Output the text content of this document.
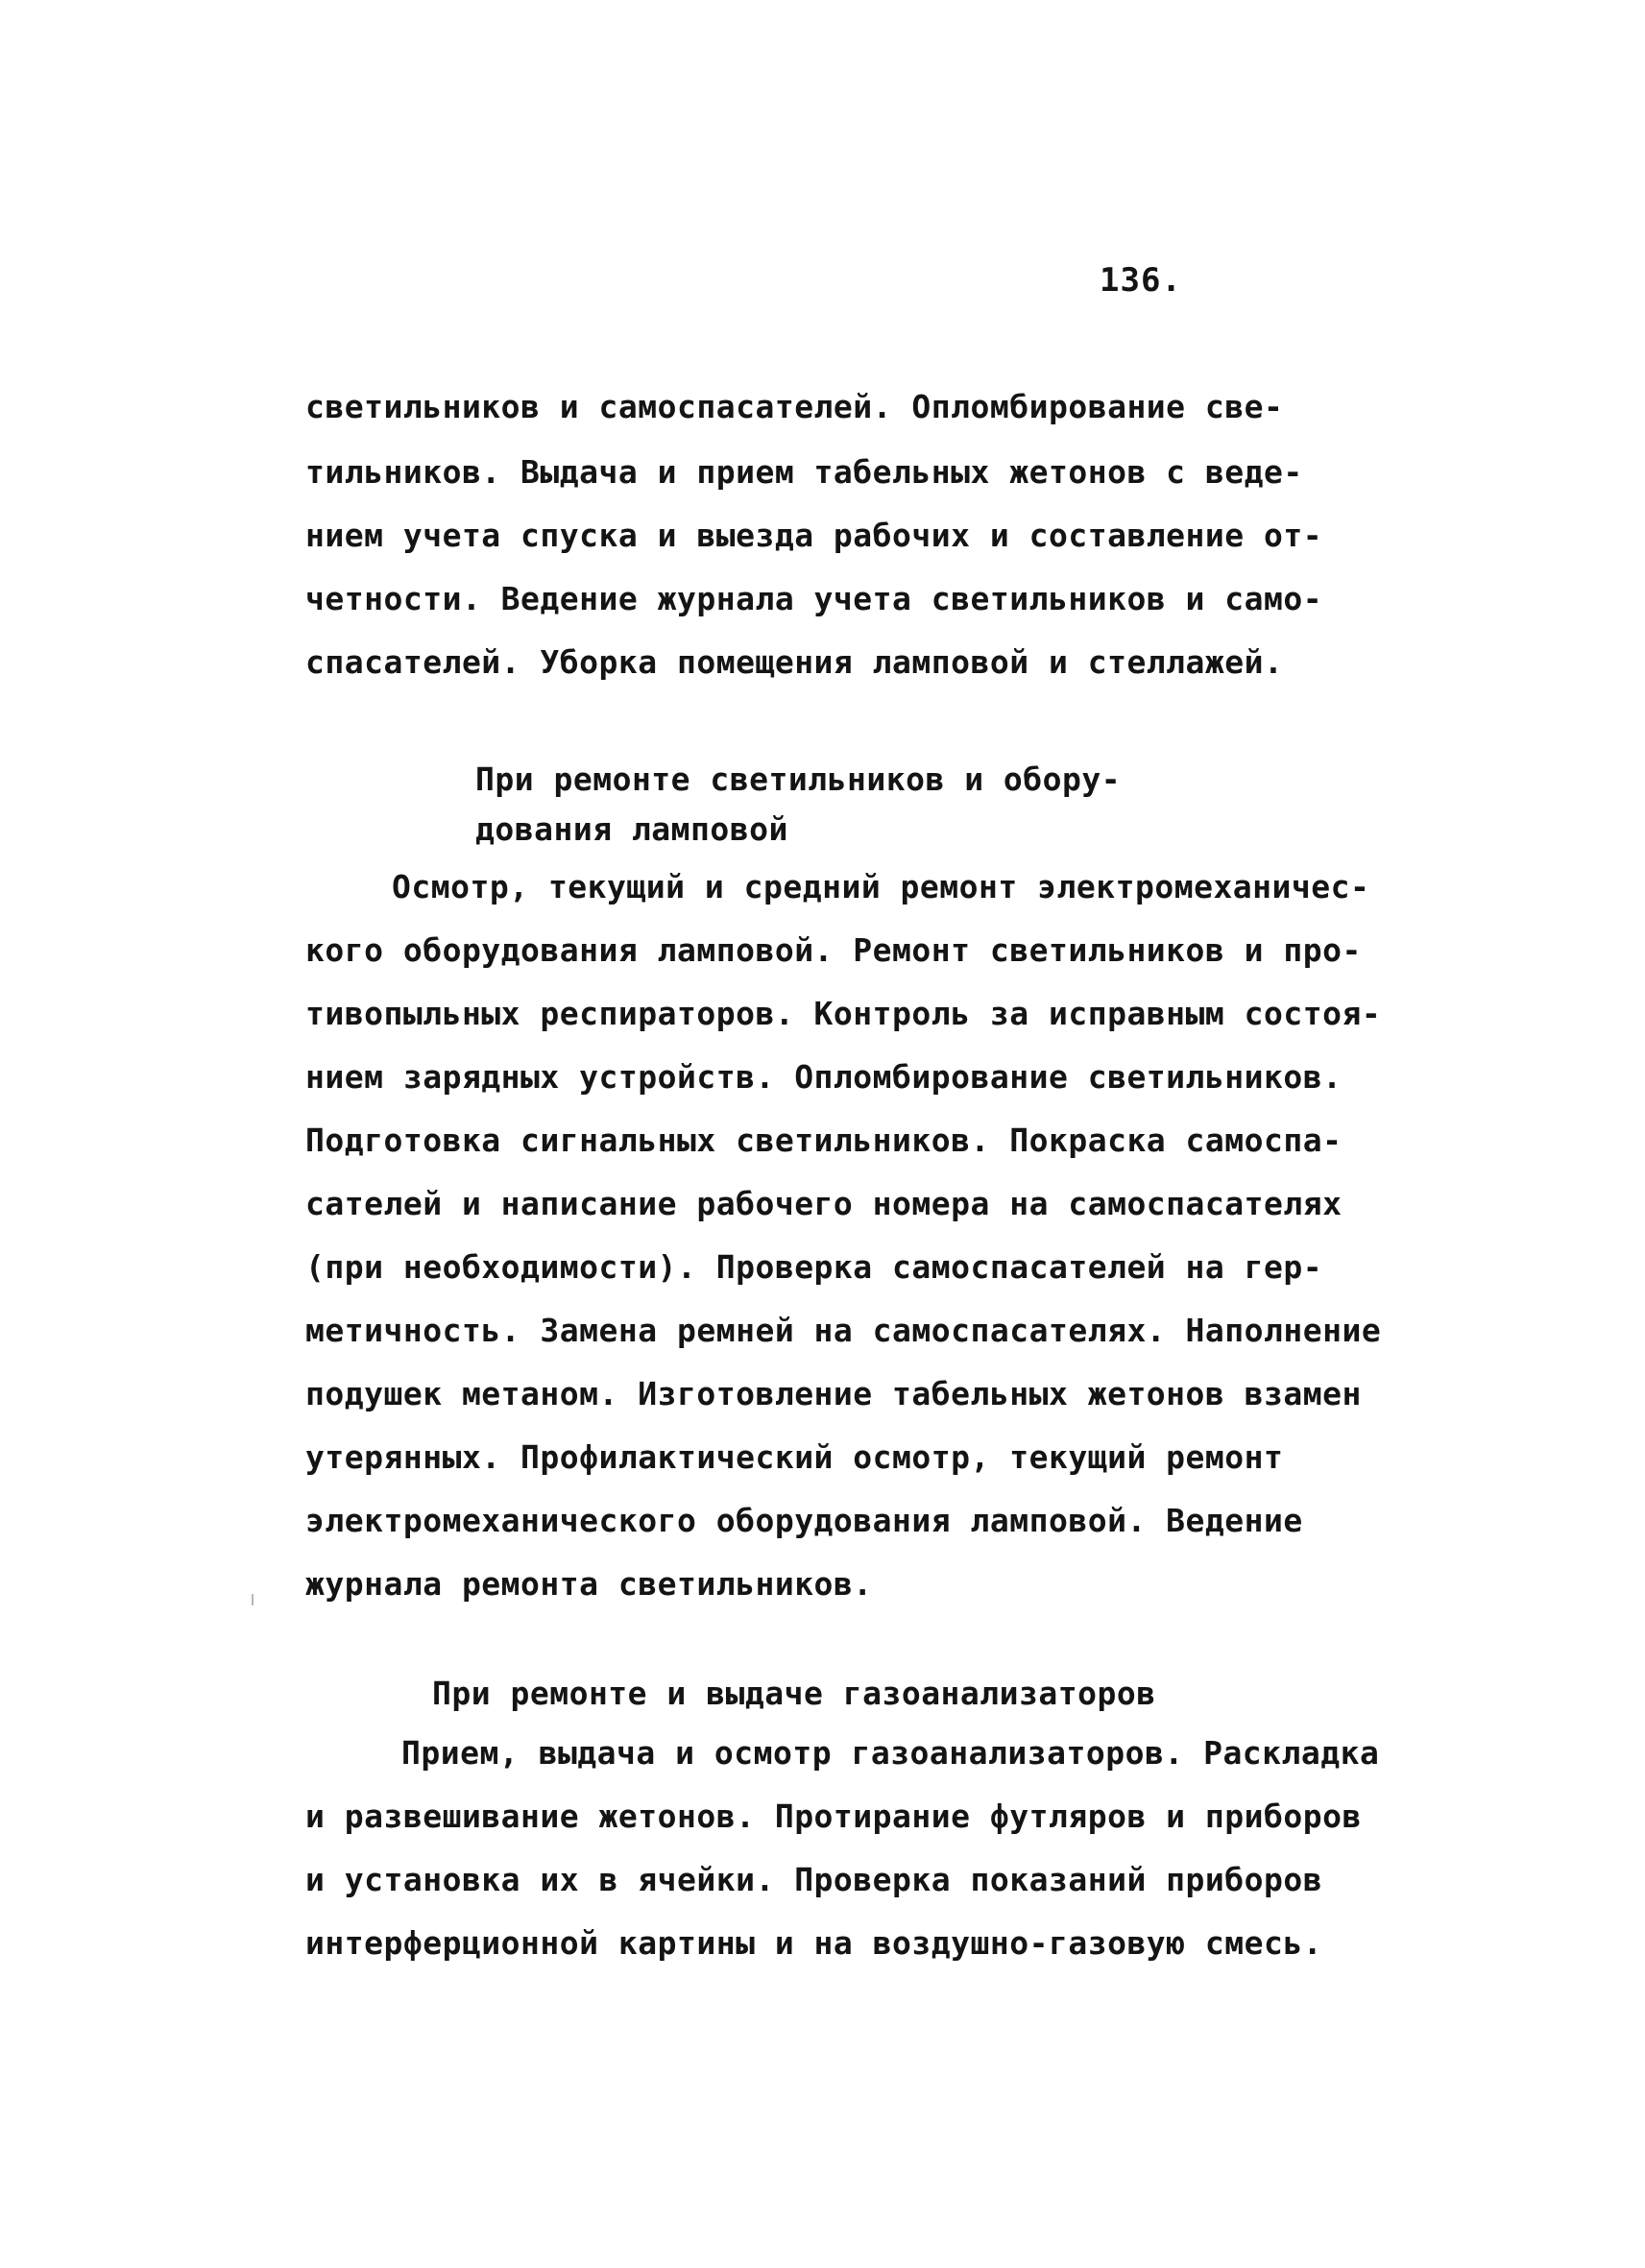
136.
светильников и самоспасателей. Опломбирование све-
тильников. Выдача и прием табельных жетонов с веде-
нием учета спуска и выезда рабочих и составление от-
четности. Ведение журнала учета светильников и само-
спасателей. Уборка помещения ламповой и стеллажей.
При ремонте светильников и обору-
дования ламповой
Осмотр, текущий и средний ремонт электромеханичес-
кого оборудования ламповой. Ремонт светильников и про-
тивопыльных респираторов. Контроль за исправным состоя-
нием зарядных устройств. Опломбирование светильников.
Подготовка сигнальных светильников. Покраска самоспа-
сателей и написание рабочего номера на самоспасателях
(при необходимости). Проверка самоспасателей на гер-
метичность. Замена ремней на самоспасателях. Наполнение
подушек метаном. Изготовление табельных жетонов взамен
утерянных. Профилактический осмотр, текущий ремонт
электромеханического оборудования ламповой. Ведение
журнала ремонта светильников.
При ремонте и выдаче газоанализаторов
Прием, выдача и осмотр газоанализаторов. Раскладка
и развешивание жетонов. Протирание футляров и приборов
и установка их в ячейки. Проверка показаний приборов
интерферционной картины и на воздушно-газовую смесь.
